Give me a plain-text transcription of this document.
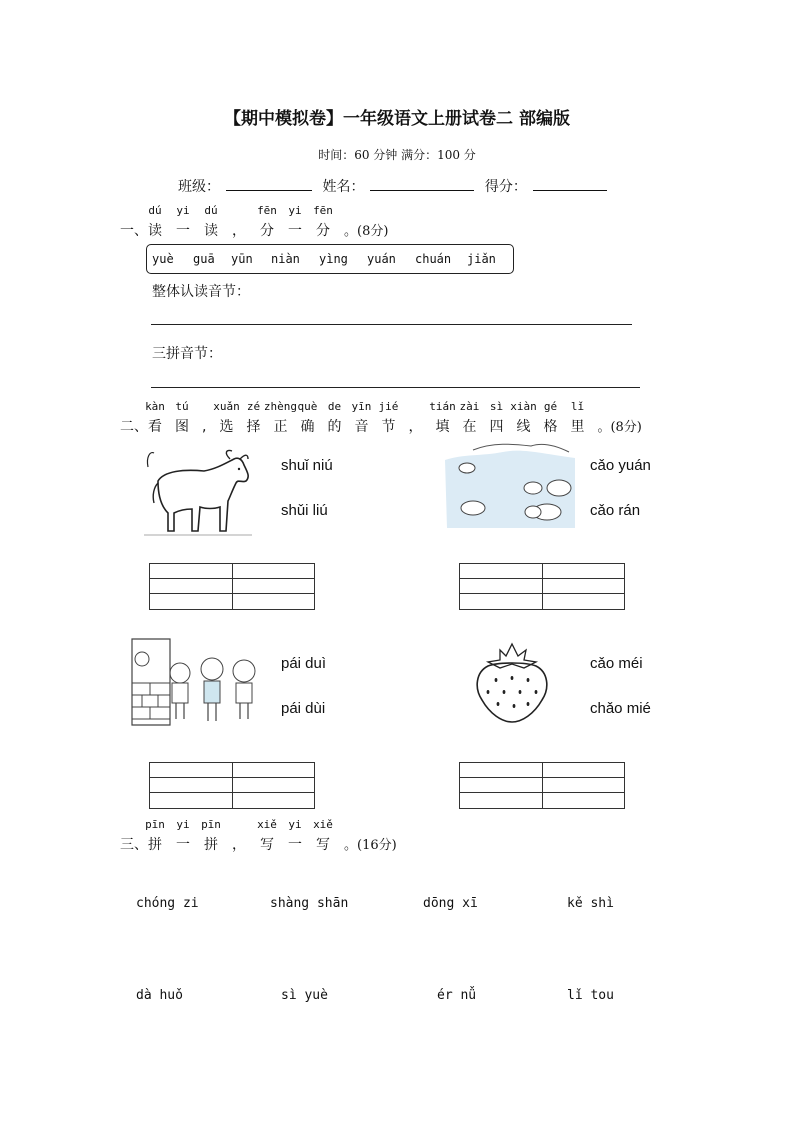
【期中模拟卷】一年级语文上册试卷二 部编版
时间：60 分钟 满分：100 分
班级：	姓名：	得分：
一、
dú
读
yi
一
dú
读 ，
fēn
分
yi
一
fēn
分 。(8分)
yuè guā yūn niàn yìng yuán chuán jiǎn
整体认读音节：
三拼音节：
二、
kàn
看
tú
图 ,
xuǎn
选
zé
择
zhèng
正
què
确
de
的
yīn
音
jié
节 ，
tián
填
zài
在
sì
四
xiàn
线
gé
格
lǐ
里 。(8分)
shuǐ niú
shǔi liú
cǎo yuán
cǎo rán
pái duì
pái dùi
cǎo méi
chǎo mié
三、
pīn
拼
yi
一
pīn
拼 ，
xiě
写
yi
一
xiě
写 。(16分)
chóng zi	shàng shān	dōng xī	kě shì
dà huǒ	sì yuè	ér nǚ	lǐ tou
